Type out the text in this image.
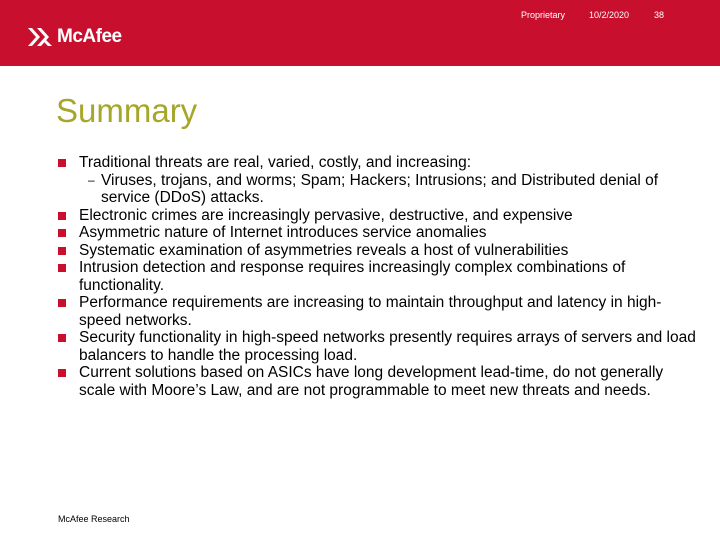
Proprietary	10/2/2020	38
McAfee
Summary
Traditional threats are real, varied, costly, and increasing:
– Viruses, trojans, and worms; Spam; Hackers; Intrusions; and Distributed denial of service (DDoS) attacks.
Electronic crimes are increasingly pervasive, destructive, and expensive
Asymmetric nature of Internet introduces service anomalies
Systematic examination of asymmetries reveals a host of vulnerabilities
Intrusion detection and response requires increasingly complex combinations of functionality.
Performance requirements are increasing to maintain throughput and latency in high-speed networks.
Security functionality in high-speed networks presently requires arrays of servers and load balancers to handle the processing load.
Current solutions based on ASICs have long development lead-time, do not generally scale with Moore’s Law, and are not programmable to meet new threats and needs.
McAfee Research
